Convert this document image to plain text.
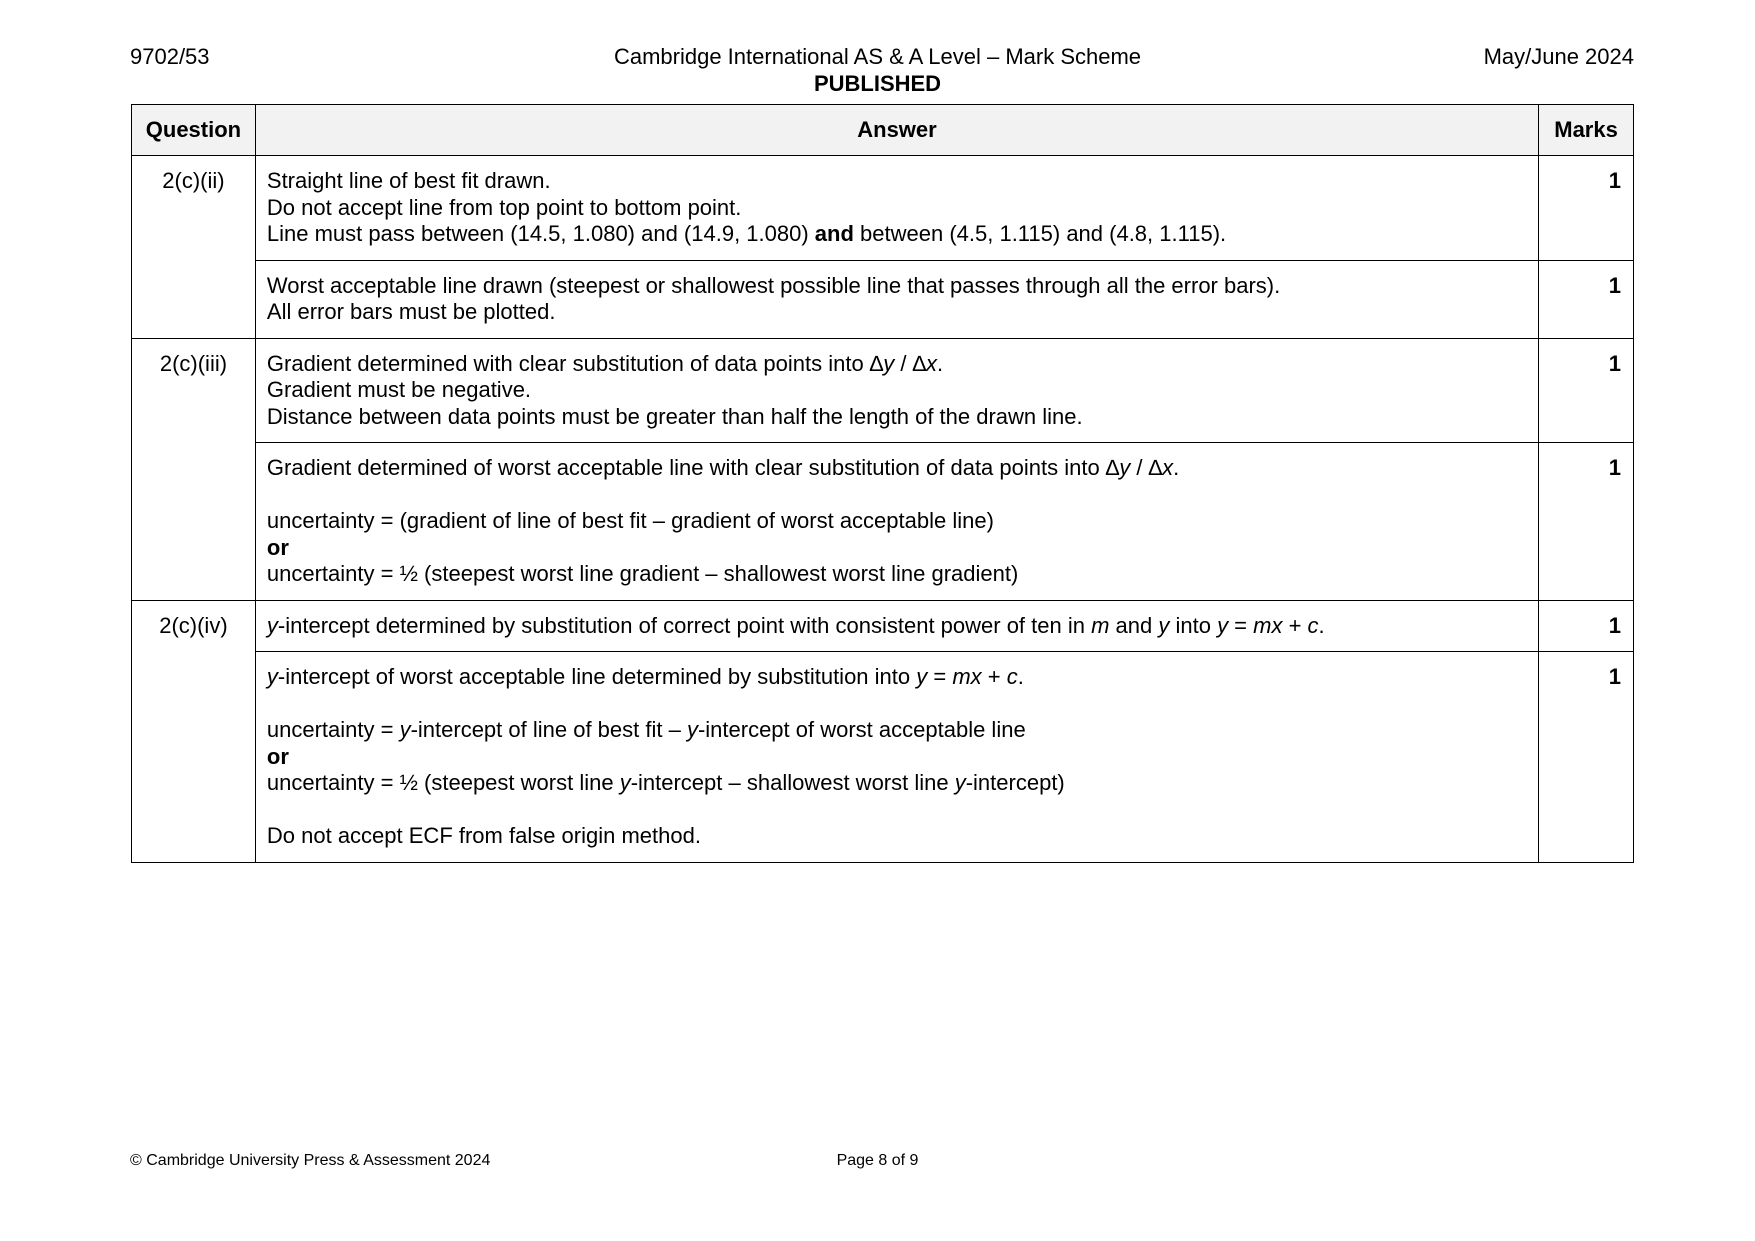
9702/53	Cambridge International AS & A Level – Mark Scheme
PUBLISHED
May/June 2024
Question	Answer	Marks
2(c)(ii)	Straight line of best fit drawn.
Do not accept line from top point to bottom point.
Line must pass between (14.5, 1.080) and (14.9, 1.080) and between (4.5, 1.115) and (4.8, 1.115).	1

	Worst acceptable line drawn (steepest or shallowest possible line that passes through all the error bars).
All error bars must be plotted.	1
2(c)(iii)	Gradient determined with clear substitution of data points into ∆y / ∆x.
Gradient must be negative.
Distance between data points must be greater than half the length of the drawn line.	1

	Gradient determined of worst acceptable line with clear substitution of data points into ∆y / ∆x.
uncertainty = (gradient of line of best fit – gradient of worst acceptable line)
or
uncertainty = ½ (steepest worst line gradient – shallowest worst line gradient)	1
2(c)(iv)	y-intercept determined by substitution of correct point with consistent power of ten in m and y into y = mx + c.	1

	y-intercept of worst acceptable line determined by substitution into y = mx + c.
uncertainty = y-intercept of line of best fit – y-intercept of worst acceptable line
or
uncertainty = ½ (steepest worst line y-intercept – shallowest worst line y-intercept)
Do not accept ECF from false origin method.	1
© Cambridge University Press & Assessment 2024	Page 8 of 9
